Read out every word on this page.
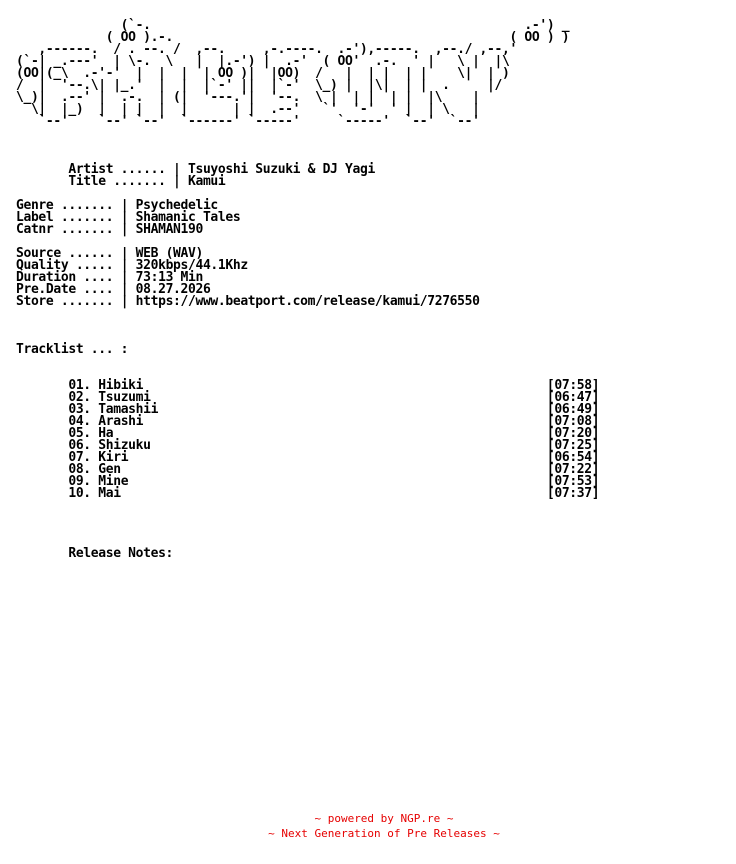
(`-.                                                  .-') _
( OO ).-.                                             ( OO ) )
,------.  / . --. /  ,--.     ,-.----.  .-'),-----.  ,--./ ,--,'
(`-| _.---'  | \-.  \   |  |.-') |  .-'  ( OO'  .-.  ' |   \ |  |\
(OO|(_\  .-'-'  |  |  |  | OO )|  |OO)  /   |  | |  | |    \|  | )
/  |  '--.\| |_.'  |  |  |`-' ||  |`-'  \_) |  |\|  | |  .     |/
\_)|  .--' |  .-.  | (|  '---.'|  '--.  \ |  | |  | |  |\    |
\|  |_)  |  | |  |  |      | |  .--'   `'  '-'  ' |  | \   |
`--'    `--' `--'  `------' `-----'     `-----'  `--'  `--'

Artist ...... | Tsuyoshi Suzuki & DJ Yagi
Title ....... | Kamui

Genre ....... | Psychedelic
Label ....... | Shamanic Tales
Catnr ....... | SHAMAN190

Source ...... | WEB (WAV)
Quality ..... | 320kbps/44.1Khz
Duration .... | 73:13 Min
Pre.Date .... | 08.27.2026
Store ....... | https://www.beatport.com/release/kamui/7276550

Tracklist ... :

01. Hibiki	[07:58]
02. Tsuzumi	[06:47]
03. Tamashii	[06:49]
04. Arashi	[07:08]
05. Ha	[07:20]
06. Shizuku	[07:25]
07. Kiri	[06:54]
08. Gen	[07:22]
09. Mine	[07:53]
10. Mai	[07:37]

Release Notes:
~ powered by NGP.re ~
~ Next Generation of Pre Releases ~
